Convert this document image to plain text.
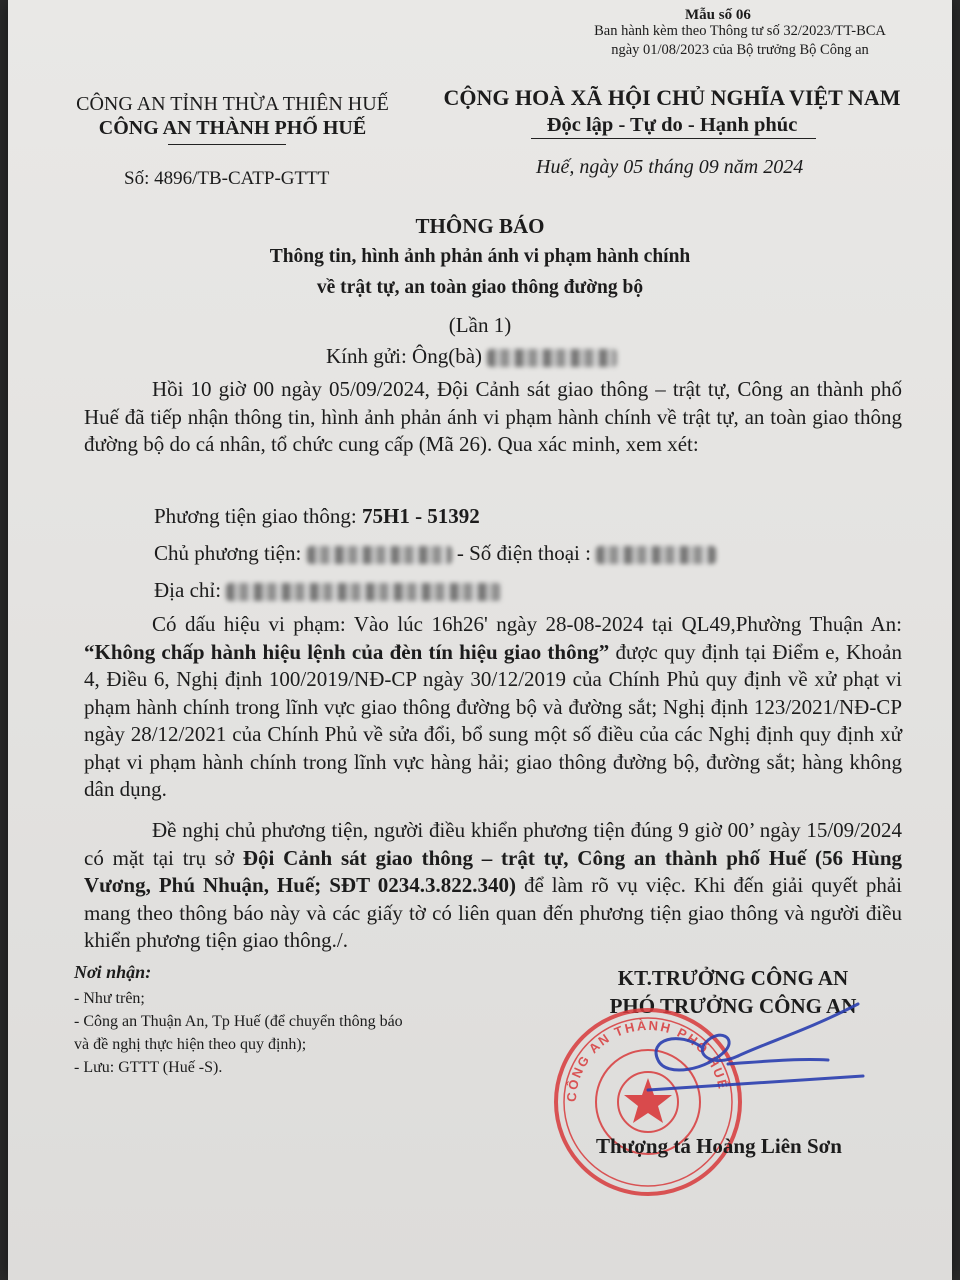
Mẫu số 06
Ban hành kèm theo Thông tư số 32/2023/TT-BCA
ngày 01/08/2023 của Bộ trưởng Bộ Công an
CÔNG AN TỈNH THỪA THIÊN HUẾ
CÔNG AN THÀNH PHỐ HUẾ
Số: 4896/TB-CATP-GTTT
CỘNG HOÀ XÃ HỘI CHỦ NGHĨA VIỆT NAM
Độc lập - Tự do - Hạnh phúc
Huế, ngày 05 tháng 09 năm 2024
THÔNG BÁO
Thông tin, hình ảnh phản ánh vi phạm hành chính
về trật tự, an toàn giao thông đường bộ
(Lần 1)
Kính gửi: Ông(bà)
Hồi 10 giờ 00 ngày 05/09/2024, Đội Cảnh sát giao thông – trật tự, Công an thành phố Huế đã tiếp nhận thông tin, hình ảnh phản ánh vi phạm hành chính về trật tự, an toàn giao thông đường bộ do cá nhân, tổ chức cung cấp (Mã 26). Qua xác minh, xem xét:
Phương tiện giao thông: 75H1 - 51392
Chủ phương tiện:	- Số điện thoại :
Địa chỉ:
Có dấu hiệu vi phạm: Vào lúc 16h26' ngày 28-08-2024 tại QL49,Phường Thuận An: “Không chấp hành hiệu lệnh của đèn tín hiệu giao thông” được quy định tại Điểm e, Khoản 4, Điều 6, Nghị định 100/2019/NĐ-CP ngày 30/12/2019 của Chính Phủ quy định về xử phạt vi phạm hành chính trong lĩnh vực giao thông đường bộ và đường sắt; Nghị định 123/2021/NĐ-CP ngày 28/12/2021 của Chính Phủ về sửa đổi, bổ sung một số điều của các Nghị định quy định xử phạt vi phạm hành chính trong lĩnh vực hàng hải; giao thông đường bộ, đường sắt; hàng không dân dụng.
Đề nghị chủ phương tiện, người điều khiển phương tiện đúng 9 giờ 00’ ngày 15/09/2024 có mặt tại trụ sở Đội Cảnh sát giao thông – trật tự, Công an thành phố Huế (56 Hùng Vương, Phú Nhuận, Huế; SĐT 0234.3.822.340) để làm rõ vụ việc. Khi đến giải quyết phải mang theo thông báo này và các giấy tờ có liên quan đến phương tiện giao thông và người điều khiển phương tiện giao thông./.
Nơi nhận:
- Như trên;
- Công an Thuận An, Tp Huế (để chuyển thông báo
và đề nghị thực hiện theo quy định);
- Lưu: GTTT (Huế -S).
KT.TRƯỞNG CÔNG AN
PHÓ TRƯỞNG CÔNG AN
CÔNG AN THÀNH PHỐ HUẾ
Thượng tá Hoàng Liên Sơn
